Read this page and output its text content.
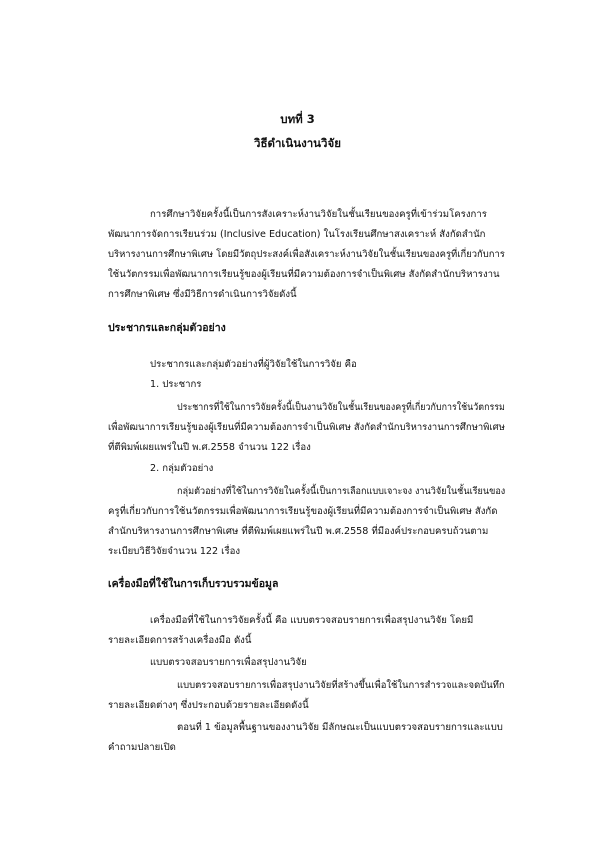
บทที่ 3
วิธีดำเนินงานวิจัย
การศึกษาวิจัยครั้งนี้เป็นการสังเคราะห์งานวิจัยในชั้นเรียนของครูที่เข้าร่วมโครงการ
พัฒนาการจัดการเรียนร่วม (Inclusive Education) ในโรงเรียนศึกษาสงเคราะห์ สังกัดสำนัก
บริหารงานการศึกษาพิเศษ โดยมีวัตถุประสงค์เพื่อสังเคราะห์งานวิจัยในชั้นเรียนของครูที่เกี่ยวกับการ
ใช้นวัตกรรมเพื่อพัฒนาการเรียนรู้ของผู้เรียนที่มีความต้องการจำเป็นพิเศษ สังกัดสำนักบริหารงาน
การศึกษาพิเศษ ซึ่งมีวิธีการดำเนินการวิจัยดังนี้
ประชากรและกลุ่มตัวอย่าง
ประชากรและกลุ่มตัวอย่างที่ผู้วิจัยใช้ในการวิจัย คือ
1. ประชากร
ประชากรที่ใช้ในการวิจัยครั้งนี้เป็นงานวิจัยในชั้นเรียนของครูที่เกี่ยวกับการใช้นวัตกรรม
เพื่อพัฒนาการเรียนรู้ของผู้เรียนที่มีความต้องการจำเป็นพิเศษ สังกัดสำนักบริหารงานการศึกษาพิเศษ
ที่ตีพิมพ์เผยแพร่ในปี พ.ศ.2558 จำนวน 122 เรื่อง
2. กลุ่มตัวอย่าง
กลุ่มตัวอย่างที่ใช้ในการวิจัยในครั้งนี้เป็นการเลือกแบบเจาะจง งานวิจัยในชั้นเรียนของ
ครูที่เกี่ยวกับการใช้นวัตกรรมเพื่อพัฒนาการเรียนรู้ของผู้เรียนที่มีความต้องการจำเป็นพิเศษ สังกัด
สำนักบริหารงานการศึกษาพิเศษ ที่ตีพิมพ์เผยแพร่ในปี พ.ศ.2558 ที่มีองค์ประกอบครบถ้วนตาม
ระเบียบวิธีวิจัยจำนวน 122 เรื่อง
เครื่องมือที่ใช้ในการเก็บรวบรวมข้อมูล
เครื่องมือที่ใช้ในการวิจัยครั้งนี้ คือ แบบตรวจสอบรายการเพื่อสรุปงานวิจัย โดยมี
รายละเอียดการสร้างเครื่องมือ ดังนี้
แบบตรวจสอบรายการเพื่อสรุปงานวิจัย
แบบตรวจสอบรายการเพื่อสรุปงานวิจัยที่สร้างขึ้นเพื่อใช้ในการสำรวจและจดบันทึก
รายละเอียดต่างๆ ซึ่งประกอบด้วยรายละเอียดดังนี้
ตอนที่ 1 ข้อมูลพื้นฐานของงานวิจัย มีลักษณะเป็นแบบตรวจสอบรายการและแบบ
คำถามปลายเปิด
